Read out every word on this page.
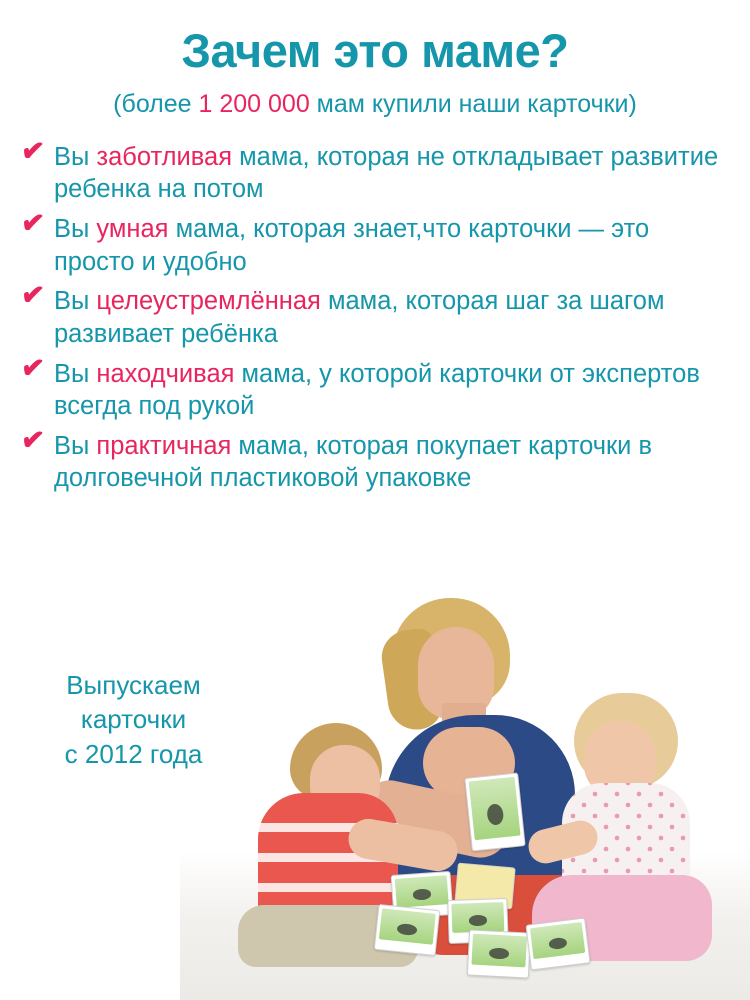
Зачем это маме?

(более 1 200 000 мам купили наши карточки)

✔ Вы заботливая мама, которая не откладывает развитие ребенка на потом
✔ Вы умная мама, которая знает,что карточки — это просто и удобно
✔ Вы целеустремлённая мама, которая шаг за шагом развивает ребёнка
✔ Вы находчивая мама, у которой карточки от экспертов всегда под рукой
✔ Вы практичная мама, которая покупает карточки в долговечной пластиковой упаковке
Выпускаем
карточки
с 2012 года
